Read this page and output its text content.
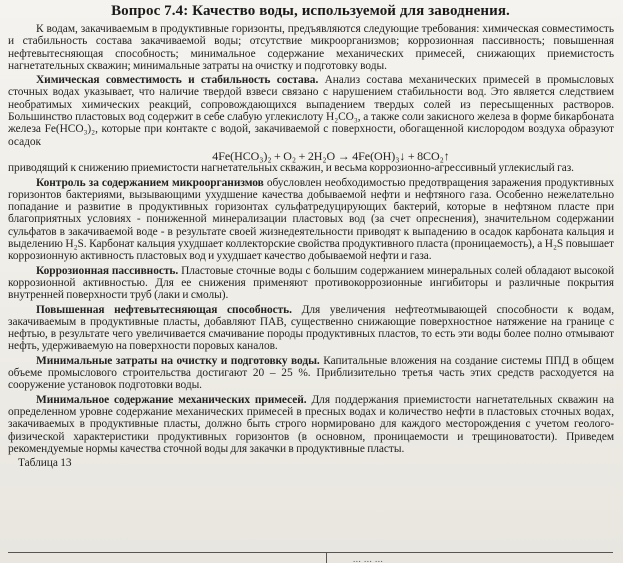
Вопрос 7.4: Качество воды, используемой для заводнения.

К водам, закачиваемым в продуктивные горизонты, предъявляются следующие требования: химическая совместимость и стабильность состава закачиваемой воды; отсутствие микроорганизмов; коррозионная пассивность; повышенная нефтевытесняющая способность; минимальное содержание механических примесей, снижающих приемистость нагнетательных скважин; минимальные затраты на очистку и подготовку воды.

Химическая совместимость и стабильность состава. Анализ состава механических примесей в промысловых сточных водах указывает, что наличие твердой взвеси связано с нарушением стабильности вод. Это является следствием необратимых химических реакций, сопровождающихся выпадением твердых солей из пересыщенных растворов. Большинство пластовых вод содержит в себе слабую углекислоту H₂CO₃, а также соли закисного железа в форме бикарбоната железа Fe(HCO₃)₂, которые при контакте с водой, закачиваемой с поверхности, обогащенной кислородом воздуха образуют осадок

4Fe(HCO₃)₂ + O₂ + 2H₂O → 4Fe(OH)₃↓ + 8CO₂↑

приводящий к снижению приемистости нагнетательных скважин, и весьма коррозионно-агрессивный углекислый газ.

Контроль за содержанием микроорганизмов обусловлен необходимостью предотвращения заражения продуктивных горизонтов бактериями, вызывающими ухудшение качества добываемой нефти и нефтяного газа. Особенно нежелательно попадание и развитие в продуктивных горизонтах сульфатредуцирующих бактерий, которые в нефтяном пласте при благоприятных условиях - пониженной минерализации пластовых вод (за счет опреснения), значительном содержании сульфатов в закачиваемой воде - в результате своей жизнедеятельности приводят к выпадению в осадок карбоната кальция и выделению H₂S. Карбонат кальция ухудшает коллекторские свойства продуктивного пласта (проницаемость), а H₂S повышает коррозионную активность пластовых вод и ухудшает качество добываемой нефти и газа.

Коррозионная пассивность. Пластовые сточные воды с большим содержанием минеральных солей обладают высокой коррозионной активностью. Для ее снижения применяют противокоррозионные ингибиторы и различные покрытия внутренней поверхности труб (лаки и смолы).

Повышенная нефтевытесняющая способность. Для увеличения нефтеотмывающей способности к водам, закачиваемым в продуктивные пласты, добавляют ПАВ, существенно снижающие поверхностное натяжение на границе с нефтью, в результате чего увеличивается смачивание породы продуктивных пластов, то есть эти воды более полно отмывают нефть, удерживаемую на поверхности поровых каналов.

Минимальные затраты на очистку и подготовку воды. Капитальные вложения на создание системы ППД в общем объеме промыслового строительства достигают 20 – 25 %. Приблизительно третья часть этих средств расходуется на сооружение установок подготовки воды.

Минимальное содержание механических примесей. Для поддержания приемистости нагнетательных скважин на определенном уровне содержание механических примесей в пресных водах и количество нефти в пластовых сточных водах, закачиваемых в продуктивные пласты, должно быть строго нормировано для каждого месторождения с учетом геолого-физической характеристики продуктивных горизонтов (в основном, проницаемости и трещиноватости). Приведем рекомендуемые нормы качества сточной воды для закачки в продуктивные пласты.

Таблица 13

... ... ...
